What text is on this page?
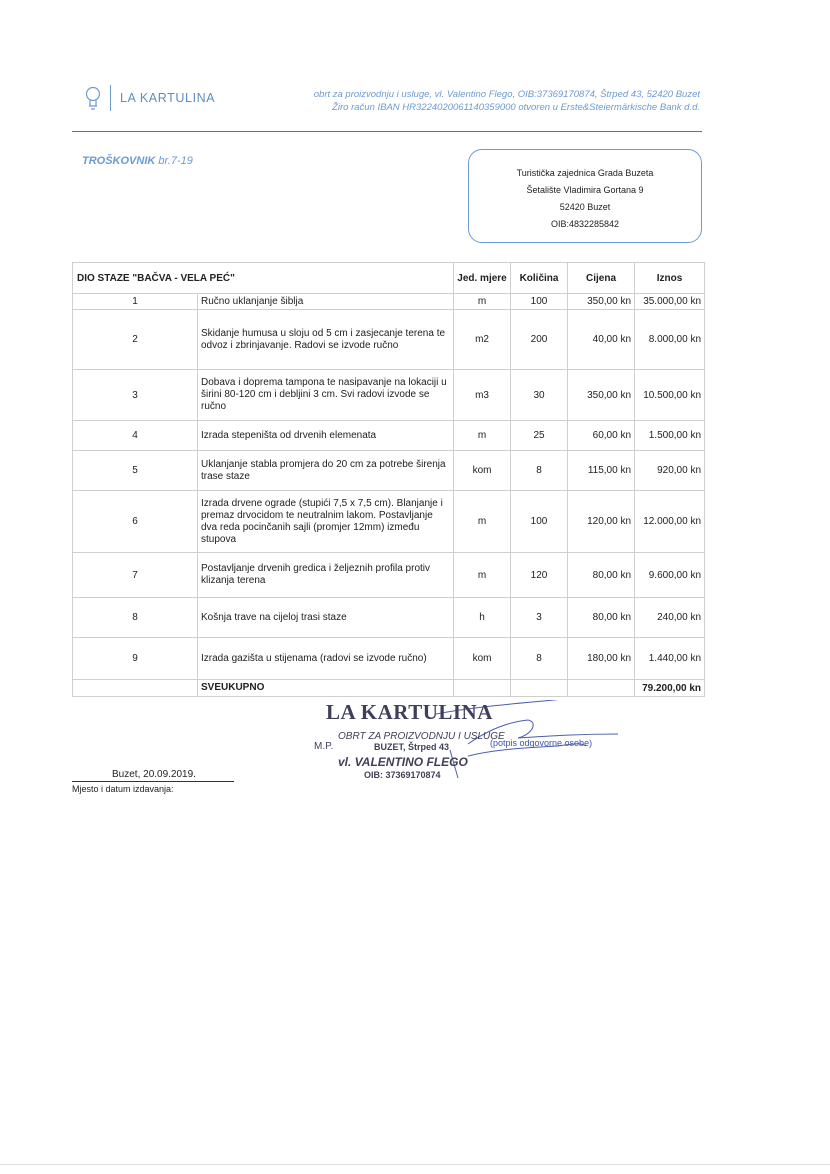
LA KARTULINA	obrt za proizvodnju i usluge, vl. Valentino Flego, OIB:37369170874, Štrped 43, 52420 Buzet
Žiro račun IBAN HR3224020061140359000 otvoren u Erste&Steiermärkische Bank d.d.
TROŠKOVNIK br.7-19
Turistička zajednica Grada Buzeta
Šetalište Vladimira Gortana 9
52420 Buzet
OIB:4832285842
DIO STAZE "BAČVA - VELA PEĆ"		Jed. mjere	Količina	Cijena	Iznos
1	Ručno uklanjanje šiblja	m	100	350,00 kn	35.000,00 kn
2	Skidanje humusa u sloju od 5 cm i zasjecanje terena te odvoz i zbrinjavanje. Radovi se izvode ručno	m2	200	40,00 kn	8.000,00 kn
3	Dobava i doprema tampona te nasipavanje na lokaciji u širini 80-120 cm i debljini 3 cm. Svi radovi izvode se ručno	m3	30	350,00 kn	10.500,00 kn
4	Izrada stepeništa od drvenih elemenata	m	25	60,00 kn	1.500,00 kn
5	Uklanjanje stabla promjera do 20 cm za potrebe širenja trase staze	kom	8	115,00 kn	920,00 kn
6	Izrada drvene ograde (stupići 7,5 x 7,5 cm). Blanjanje i premaz drvocidom te neutralnim lakom. Postavljanje dva reda pocinčanih sajli (promjer 12mm) između stupova	m	100	120,00 kn	12.000,00 kn
7	Postavljanje drvenih gredica i željeznih profila protiv klizanja terena	m	120	80,00 kn	9.600,00 kn
8	Košnja trave na cijeloj trasi staze	h	3	80,00 kn	240,00 kn
9	Izrada gazišta u stijenama (radovi se izvode ručno)	kom	8	180,00 kn	1.440,00 kn
	SVEUKUPNO				79.200,00 kn
LA KARTULINA
OBRT ZA PROIZVODNJU I USLUGE
M.P.	BUZET, Štrped 43	(potpis odgovorne osobe)
vl. VALENTINO FLEGO
OIB: 37369170874
Buzet, 20.09.2019.
Mjesto i datum izdavanja:
